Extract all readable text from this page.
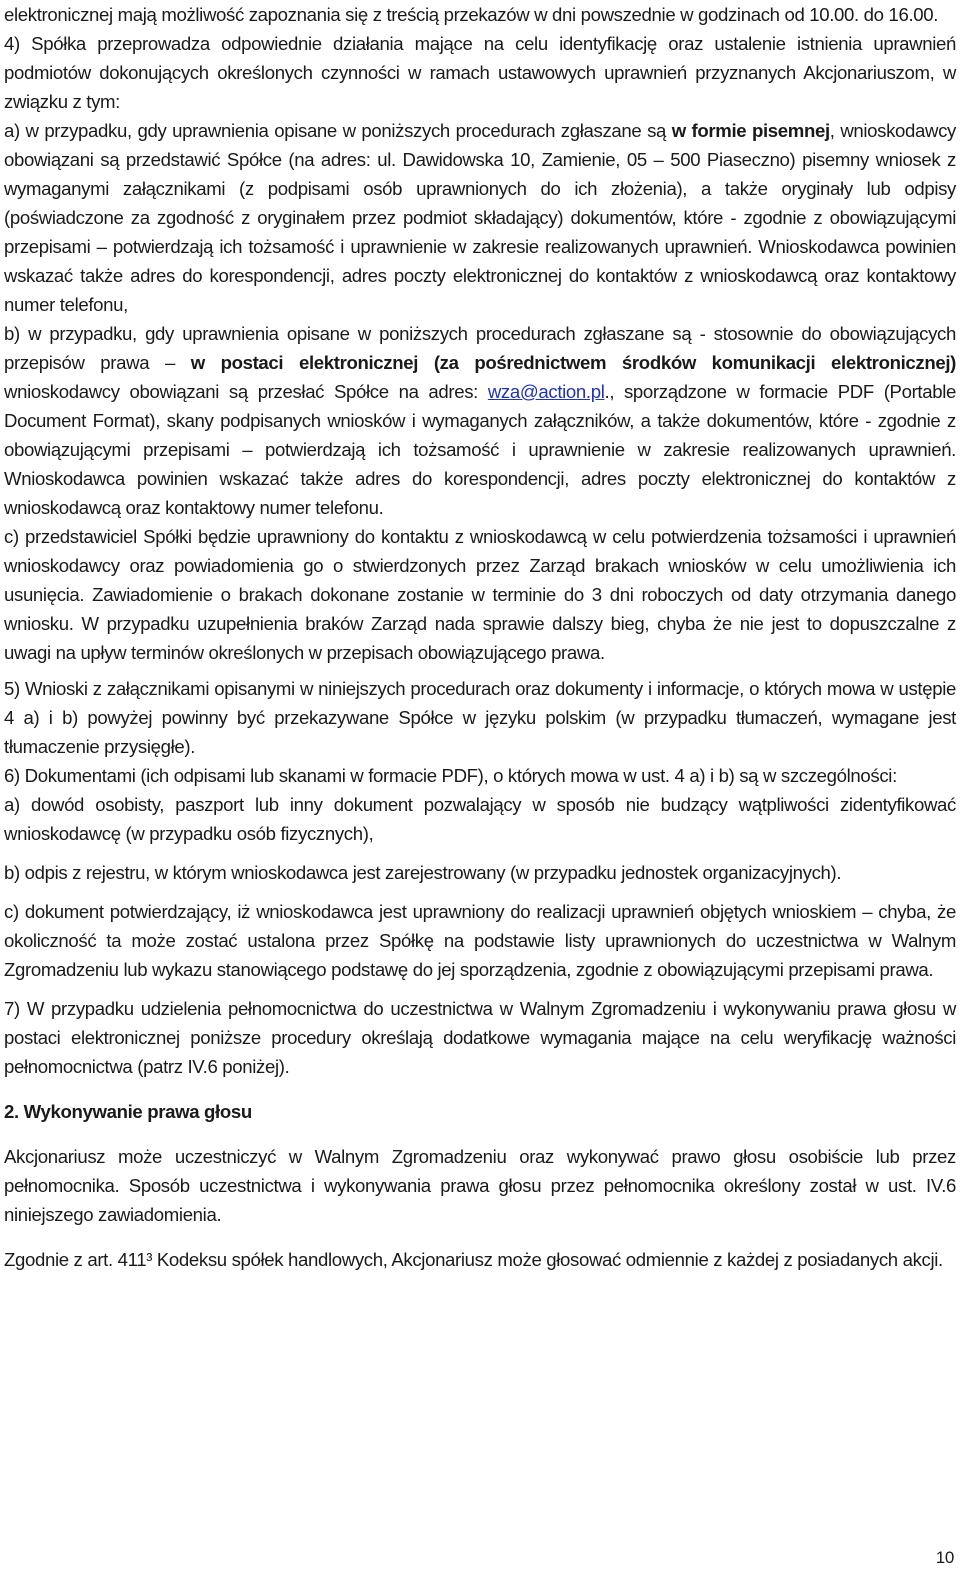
elektronicznej mają możliwość zapoznania się z treścią przekazów w dni powszednie w godzinach od 10.00. do 16.00.

4) Spółka przeprowadza odpowiednie działania mające na celu identyfikację oraz ustalenie istnienia uprawnień podmiotów dokonujących określonych czynności w ramach ustawowych uprawnień przyznanych Akcjonariuszom, w związku z tym:

a) w przypadku, gdy uprawnienia opisane w poniższych procedurach zgłaszane są w formie pisemnej, wnioskodawcy obowiązani są przedstawić Spółce (na adres: ul. Dawidowska 10, Zamienie, 05 – 500 Piaseczno) pisemny wniosek z wymaganymi załącznikami (z podpisami osób uprawnionych do ich złożenia), a także oryginały lub odpisy (poświadczone za zgodność z oryginałem przez podmiot składający) dokumentów, które - zgodnie z obowiązującymi przepisami – potwierdzają ich tożsamość i uprawnienie w zakresie realizowanych uprawnień. Wnioskodawca powinien wskazać także adres do korespondencji, adres poczty elektronicznej do kontaktów z wnioskodawcą oraz kontaktowy numer telefonu,

b) w przypadku, gdy uprawnienia opisane w poniższych procedurach zgłaszane są - stosownie do obowiązujących przepisów prawa – w postaci elektronicznej (za pośrednictwem środków komunikacji elektronicznej) wnioskodawcy obowiązani są przesłać Spółce na adres: wza@action.pl., sporządzone w formacie PDF (Portable Document Format), skany podpisanych wniosków i wymaganych załączników, a także dokumentów, które - zgodnie z obowiązującymi przepisami – potwierdzają ich tożsamość i uprawnienie w zakresie realizowanych uprawnień. Wnioskodawca powinien wskazać także adres do korespondencji, adres poczty elektronicznej do kontaktów z wnioskodawcą oraz kontaktowy numer telefonu.

c) przedstawiciel Spółki będzie uprawniony do kontaktu z wnioskodawcą w celu potwierdzenia tożsamości i uprawnień wnioskodawcy oraz powiadomienia go o stwierdzonych przez Zarząd brakach wniosków w celu umożliwienia ich usunięcia. Zawiadomienie o brakach dokonane zostanie w terminie do 3 dni roboczych od daty otrzymania danego wniosku. W przypadku uzupełnienia braków Zarząd nada sprawie dalszy bieg, chyba że nie jest to dopuszczalne z uwagi na upływ terminów określonych w przepisach obowiązującego prawa.

5) Wnioski z załącznikami opisanymi w niniejszych procedurach oraz dokumenty i informacje, o których mowa w ustępie 4 a) i b) powyżej powinny być przekazywane Spółce w języku polskim (w przypadku tłumaczeń, wymagane jest tłumaczenie przysięgłe).

6) Dokumentami (ich odpisami lub skanami w formacie PDF), o których mowa w ust. 4 a) i b) są w szczególności:

a) dowód osobisty, paszport lub inny dokument pozwalający w sposób nie budzący wątpliwości zidentyfikować wnioskodawcę (w przypadku osób fizycznych),

b) odpis z rejestru, w którym wnioskodawca jest zarejestrowany (w przypadku jednostek organizacyjnych).

c) dokument potwierdzający, iż wnioskodawca jest uprawniony do realizacji uprawnień objętych wnioskiem – chyba, że okoliczność ta może zostać ustalona przez Spółkę na podstawie listy uprawnionych do uczestnictwa w Walnym Zgromadzeniu lub wykazu stanowiącego podstawę do jej sporządzenia, zgodnie z obowiązującymi przepisami prawa.

7) W przypadku udzielenia pełnomocnictwa do uczestnictwa w Walnym Zgromadzeniu i wykonywaniu prawa głosu w postaci elektronicznej poniższe procedury określają dodatkowe wymagania mające na celu weryfikację ważności pełnomocnictwa (patrz IV.6 poniżej).

2. Wykonywanie prawa głosu

Akcjonariusz może uczestniczyć w Walnym Zgromadzeniu oraz wykonywać prawo głosu osobiście lub przez pełnomocnika. Sposób uczestnictwa i wykonywania prawa głosu przez pełnomocnika określony został w ust. IV.6 niniejszego zawiadomienia.

Zgodnie z art. 411³ Kodeksu spółek handlowych, Akcjonariusz może głosować odmiennie z każdej z posiadanych akcji.

10
